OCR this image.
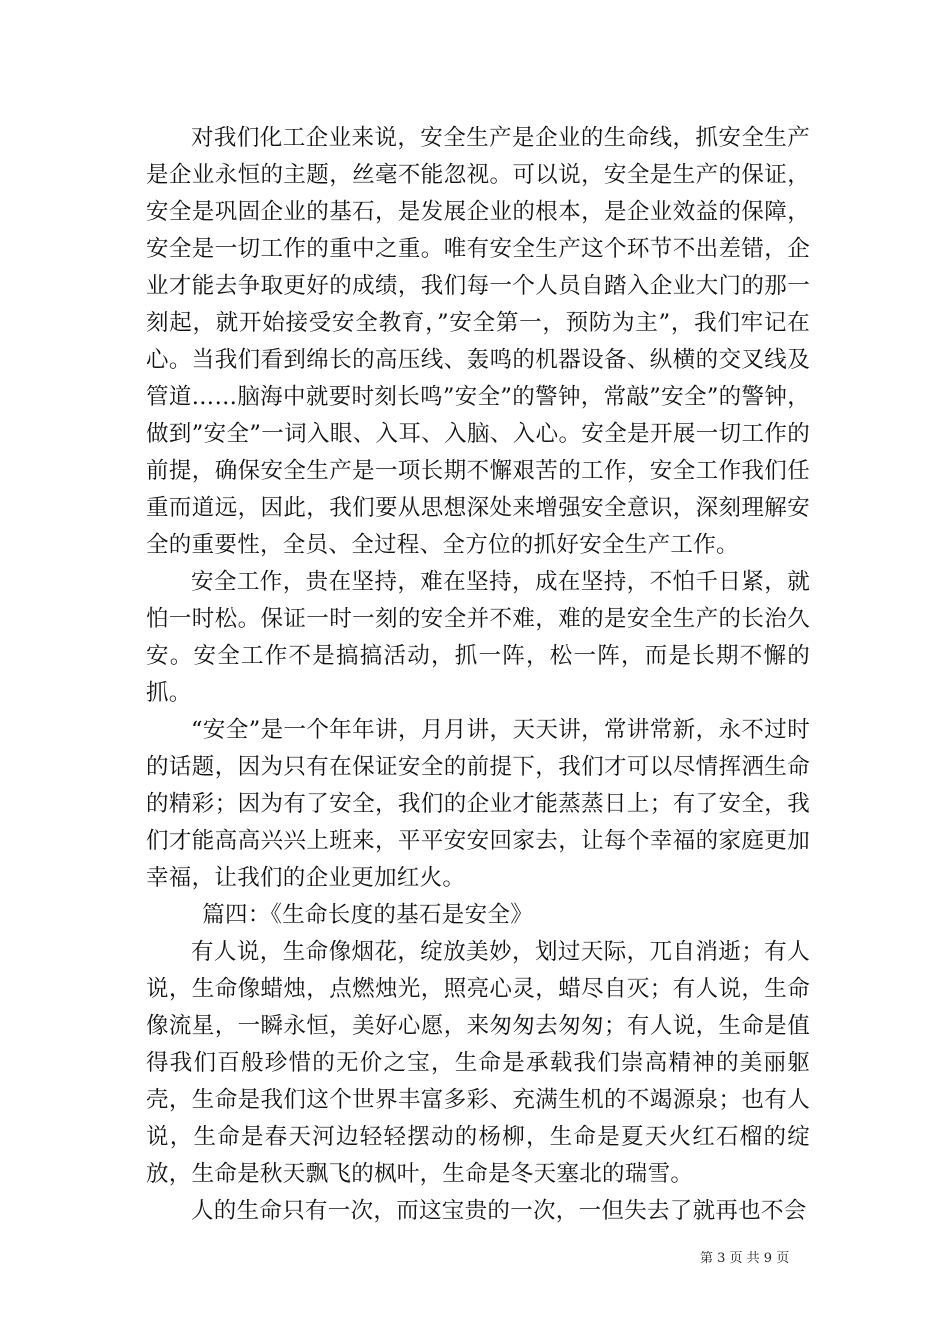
对我们化工企业来说，安全生产是企业的生命线，抓安全生产是企业永恒的主题，丝毫不能忽视。可以说，安全是生产的保证，安全是巩固企业的基石，是发展企业的根本，是企业效益的保障，安全是一切工作的重中之重。唯有安全生产这个环节不出差错，企业才能去争取更好的成绩，我们每一个人员自踏入企业大门的那一刻起，就开始接受安全教育，”安全第一，预防为主”，我们牢记在心。当我们看到绵长的高压线、轰鸣的机器设备、纵横的交叉线及管道……脑海中就要时刻长鸣”安全”的警钟，常敲”安全”的警钟，做到”安全”一词入眼、入耳、入脑、入心。安全是开展一切工作的前提，确保安全生产是一项长期不懈艰苦的工作，安全工作我们任重而道远，因此，我们要从思想深处来增强安全意识，深刻理解安全的重要性，全员、全过程、全方位的抓好安全生产工作。

安全工作，贵在坚持，难在坚持，成在坚持，不怕千日紧，就怕一时松。保证一时一刻的安全并不难，难的是安全生产的长治久安。安全工作不是搞搞活动，抓一阵，松一阵，而是长期不懈的抓。

“安全”是一个年年讲，月月讲，天天讲，常讲常新，永不过时的话题，因为只有在保证安全的前提下，我们才可以尽情挥洒生命的精彩；因为有了安全，我们的企业才能蒸蒸日上；有了安全，我们才能高高兴兴上班来，平平安安回家去，让每个幸福的家庭更加幸福，让我们的企业更加红火。

篇四：《生命长度的基石是安全》

有人说，生命像烟花，绽放美妙，划过天际，兀自消逝；有人说，生命像蜡烛，点燃烛光，照亮心灵，蜡尽自灭；有人说，生命像流星，一瞬永恒，美好心愿，来匆匆去匆匆；有人说，生命是值得我们百般珍惜的无价之宝，生命是承载我们崇高精神的美丽躯壳，生命是我们这个世界丰富多彩、充满生机的不竭源泉；也有人说，生命是春天河边轻轻摆动的杨柳，生命是夏天火红石榴的绽放，生命是秋天飘飞的枫叶，生命是冬天塞北的瑞雪。

人的生命只有一次，而这宝贵的一次，一但失去了就再也不会

第 3 页 共 9 页
